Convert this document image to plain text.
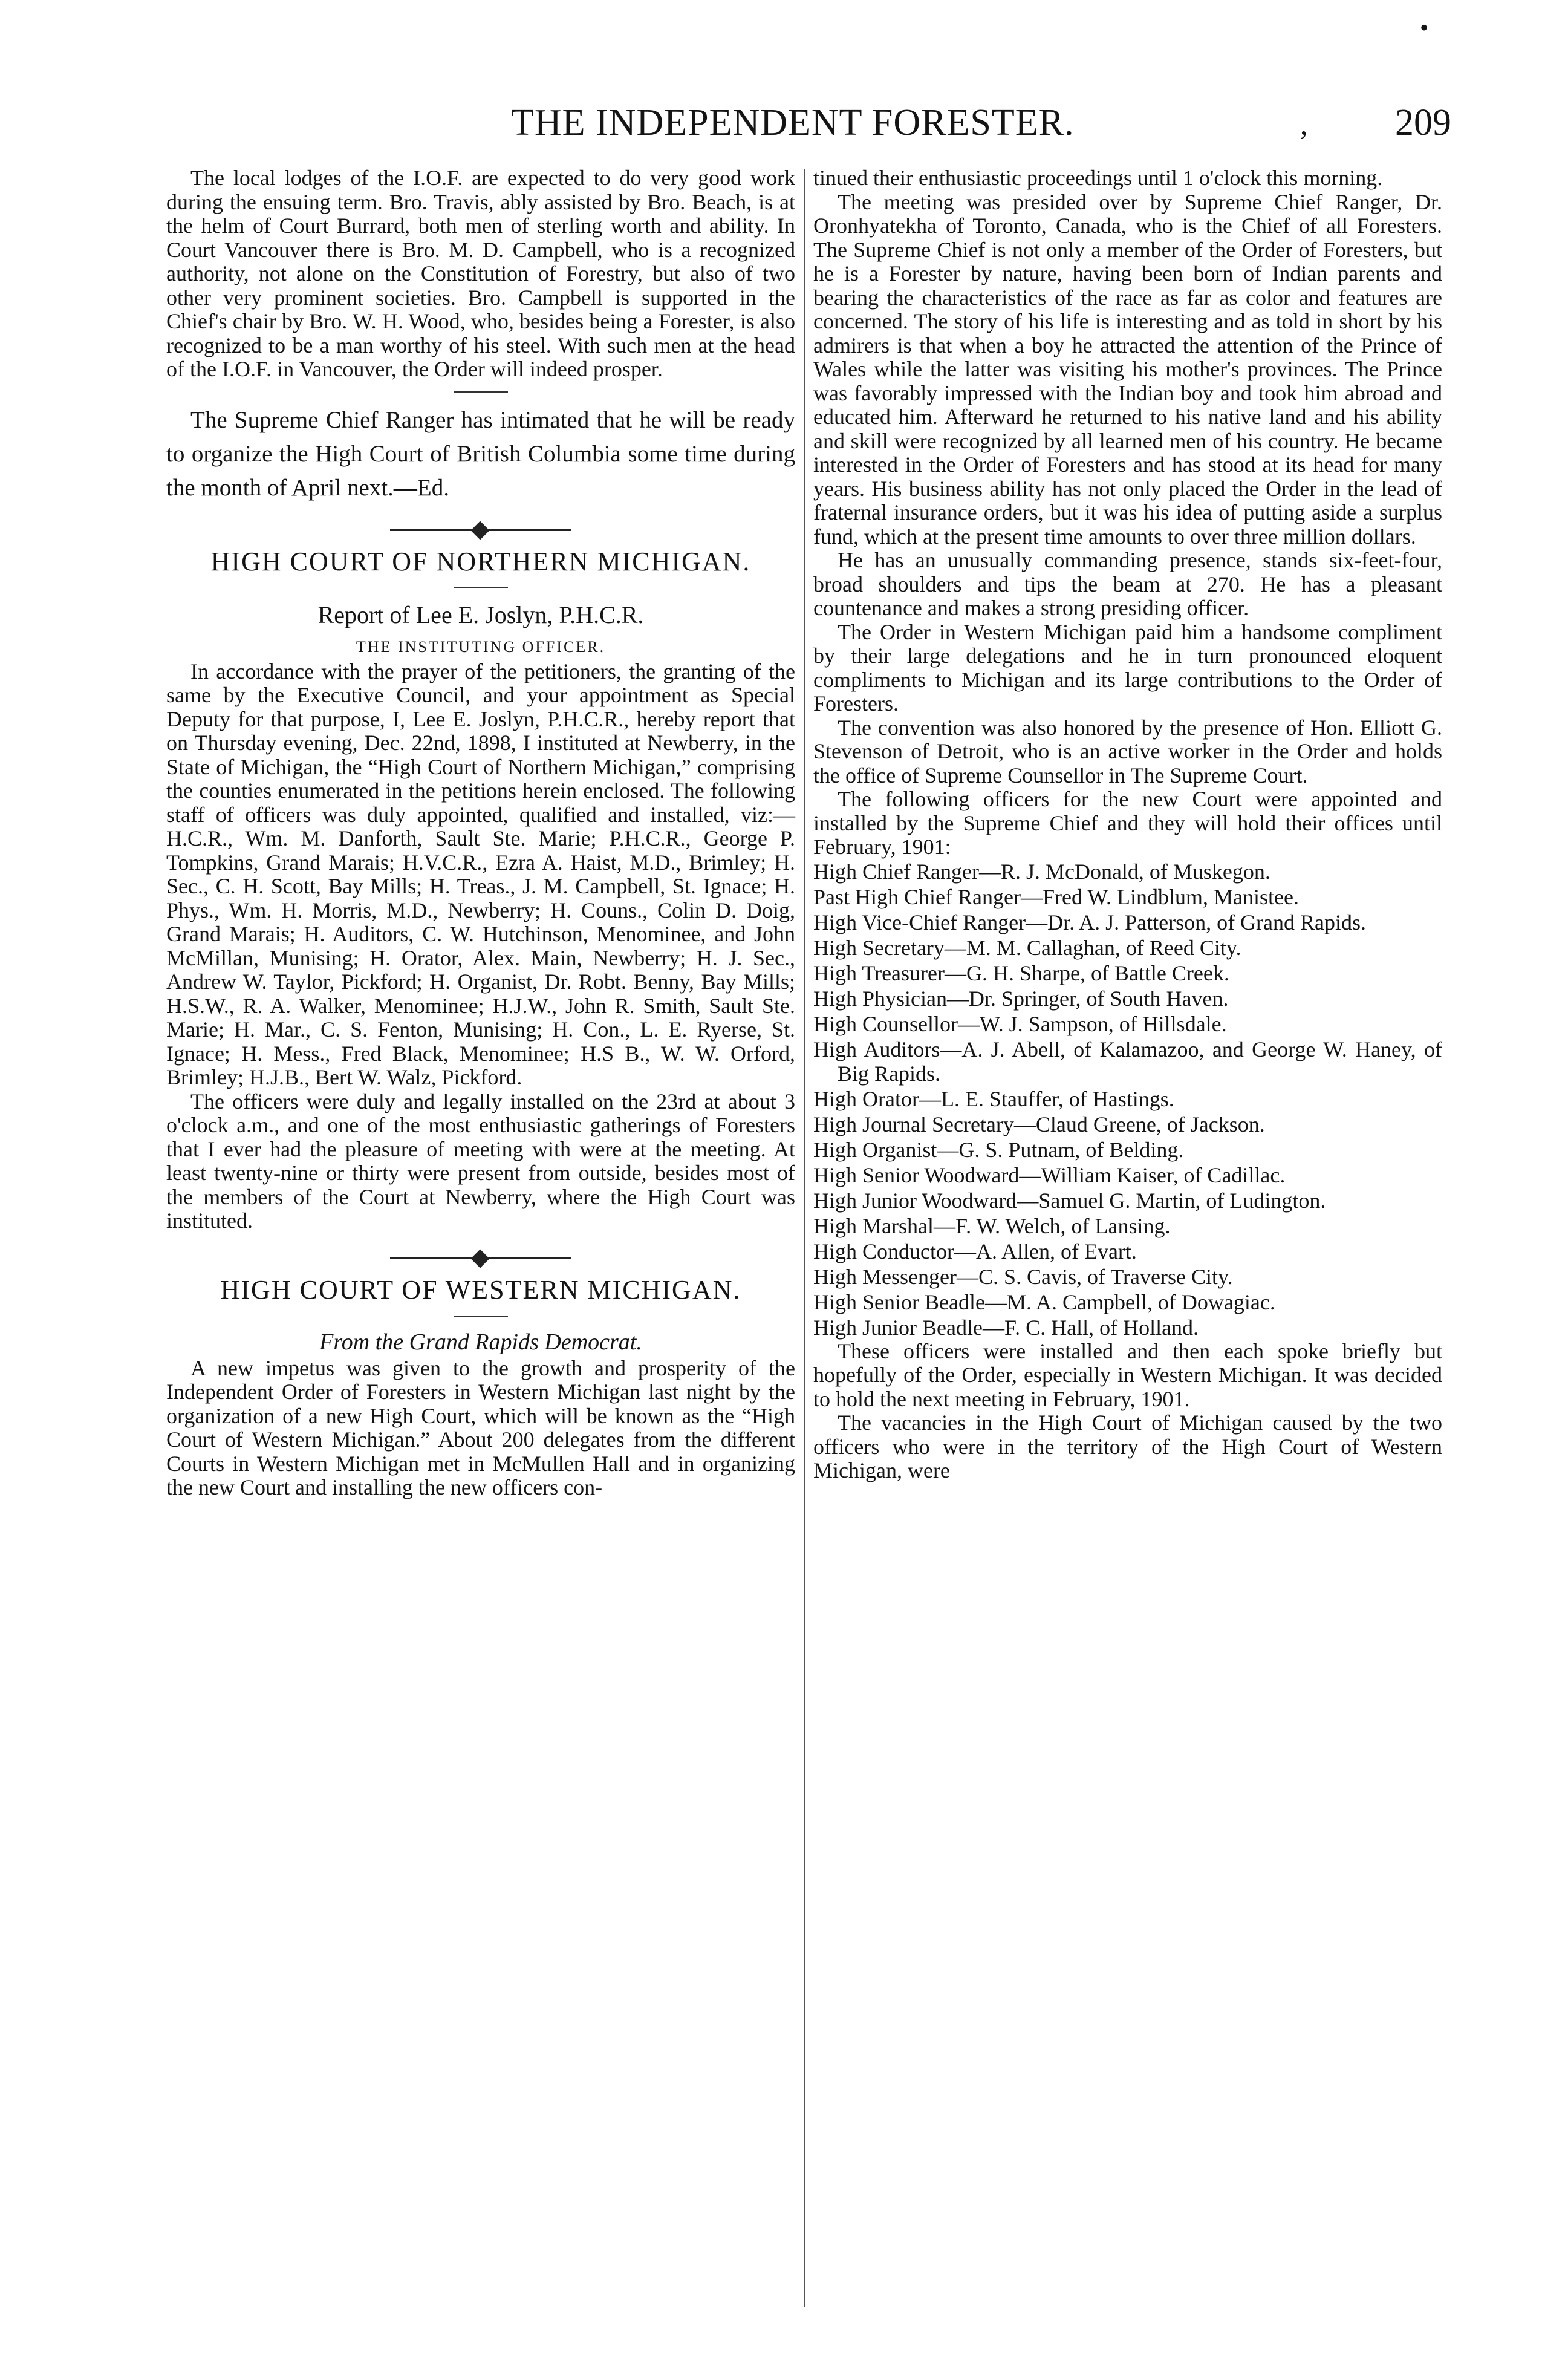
•
THE INDEPENDENT FORESTER.	, 209

The local lodges of the I.O.F. are expected to do very good work during the ensuing term. Bro. Travis, ably assisted by Bro. Beach, is at the helm of Court Burrard, both men of sterling worth and ability. In Court Vancouver there is Bro. M. D. Campbell, who is a recognized authority, not alone on the Constitution of Forestry, but also of two other very prominent societies. Bro. Campbell is supported in the Chief's chair by Bro. W. H. Wood, who, besides being a Forester, is also recognized to be a man worthy of his steel. With such men at the head of the I.O.F. in Vancouver, the Order will indeed prosper.

The Supreme Chief Ranger has intimated that he will be ready to organize the High Court of British Columbia some time during the month of April next.—Ed.

HIGH COURT OF NORTHERN MICHIGAN.
Report of Lee E. Joslyn, P.H.C.R.
THE INSTITUTING OFFICER.

In accordance with the prayer of the petitioners, the granting of the same by the Executive Council, and your appointment as Special Deputy for that purpose, I, Lee E. Joslyn, P.H.C.R., hereby report that on Thursday evening, Dec. 22nd, 1898, I instituted at Newberry, in the State of Michigan, the “High Court of Northern Michigan,” comprising the counties enumerated in the petitions herein enclosed. The following staff of officers was duly appointed, qualified and installed, viz:—H.C.R., Wm. M. Danforth, Sault Ste. Marie; P.H.C.R., George P. Tompkins, Grand Marais; H.V.C.R., Ezra A. Haist, M.D., Brimley; H. Sec., C. H. Scott, Bay Mills; H. Treas., J. M. Campbell, St. Ignace; H. Phys., Wm. H. Morris, M.D., Newberry; H. Couns., Colin D. Doig, Grand Marais; H. Auditors, C. W. Hutchinson, Menominee, and John McMillan, Munising; H. Orator, Alex. Main, Newberry; H. J. Sec., Andrew W. Taylor, Pickford; H. Organist, Dr. Robt. Benny, Bay Mills; H.S.W., R. A. Walker, Menominee; H.J.W., John R. Smith, Sault Ste. Marie; H. Mar., C. S. Fenton, Munising; H. Con., L. E. Ryerse, St. Ignace; H. Mess., Fred Black, Menominee; H.S B., W. W. Orford, Brimley; H.J.B., Bert W. Walz, Pickford.

The officers were duly and legally installed on the 23rd at about 3 o'clock a.m., and one of the most enthusiastic gatherings of Foresters that I ever had the pleasure of meeting with were at the meeting. At least twenty-nine or thirty were present from outside, besides most of the members of the Court at Newberry, where the High Court was instituted.

HIGH COURT OF WESTERN MICHIGAN.
From the Grand Rapids Democrat.

A new impetus was given to the growth and prosperity of the Independent Order of Foresters in Western Michigan last night by the organization of a new High Court, which will be known as the “High Court of Western Michigan.” About 200 delegates from the different Courts in Western Michigan met in McMullen Hall and in organizing the new Court and installing the new officers con-

tinued their enthusiastic proceedings until 1 o'clock this morning.

The meeting was presided over by Supreme Chief Ranger, Dr. Oronhyatekha of Toronto, Canada, who is the Chief of all Foresters. The Supreme Chief is not only a member of the Order of Foresters, but he is a Forester by nature, having been born of Indian parents and bearing the characteristics of the race as far as color and features are concerned. The story of his life is interesting and as told in short by his admirers is that when a boy he attracted the attention of the Prince of Wales while the latter was visiting his mother's provinces. The Prince was favorably impressed with the Indian boy and took him abroad and educated him. Afterward he returned to his native land and his ability and skill were recognized by all learned men of his country. He became interested in the Order of Foresters and has stood at its head for many years. His business ability has not only placed the Order in the lead of fraternal insurance orders, but it was his idea of putting aside a surplus fund, which at the present time amounts to over three million dollars.

He has an unusually commanding presence, stands six-feet-four, broad shoulders and tips the beam at 270. He has a pleasant countenance and makes a strong presiding officer.

The Order in Western Michigan paid him a handsome compliment by their large delegations and he in turn pronounced eloquent compliments to Michigan and its large contributions to the Order of Foresters.

The convention was also honored by the presence of Hon. Elliott G. Stevenson of Detroit, who is an active worker in the Order and holds the office of Supreme Counsellor in The Supreme Court.

The following officers for the new Court were appointed and installed by the Supreme Chief and they will hold their offices until February, 1901:

High Chief Ranger—R. J. McDonald, of Muskegon.

Past High Chief Ranger—Fred W. Lindblum, Manistee.

High Vice-Chief Ranger—Dr. A. J. Patterson, of Grand Rapids.

High Secretary—M. M. Callaghan, of Reed City.

High Treasurer—G. H. Sharpe, of Battle Creek.

High Physician—Dr. Springer, of South Haven.

High Counsellor—W. J. Sampson, of Hillsdale.

High Auditors—A. J. Abell, of Kalamazoo, and George W. Haney, of Big Rapids.

High Orator—L. E. Stauffer, of Hastings.

High Journal Secretary—Claud Greene, of Jackson.

High Organist—G. S. Putnam, of Belding.

High Senior Woodward—William Kaiser, of Cadillac.

High Junior Woodward—Samuel G. Martin, of Ludington.

High Marshal—F. W. Welch, of Lansing.

High Conductor—A. Allen, of Evart.

High Messenger—C. S. Cavis, of Traverse City.

High Senior Beadle—M. A. Campbell, of Dowagiac.

High Junior Beadle—F. C. Hall, of Holland.

These officers were installed and then each spoke briefly but hopefully of the Order, especially in Western Michigan. It was decided to hold the next meeting in February, 1901.

The vacancies in the High Court of Michigan caused by the two officers who were in the territory of the High Court of Western Michigan, were
